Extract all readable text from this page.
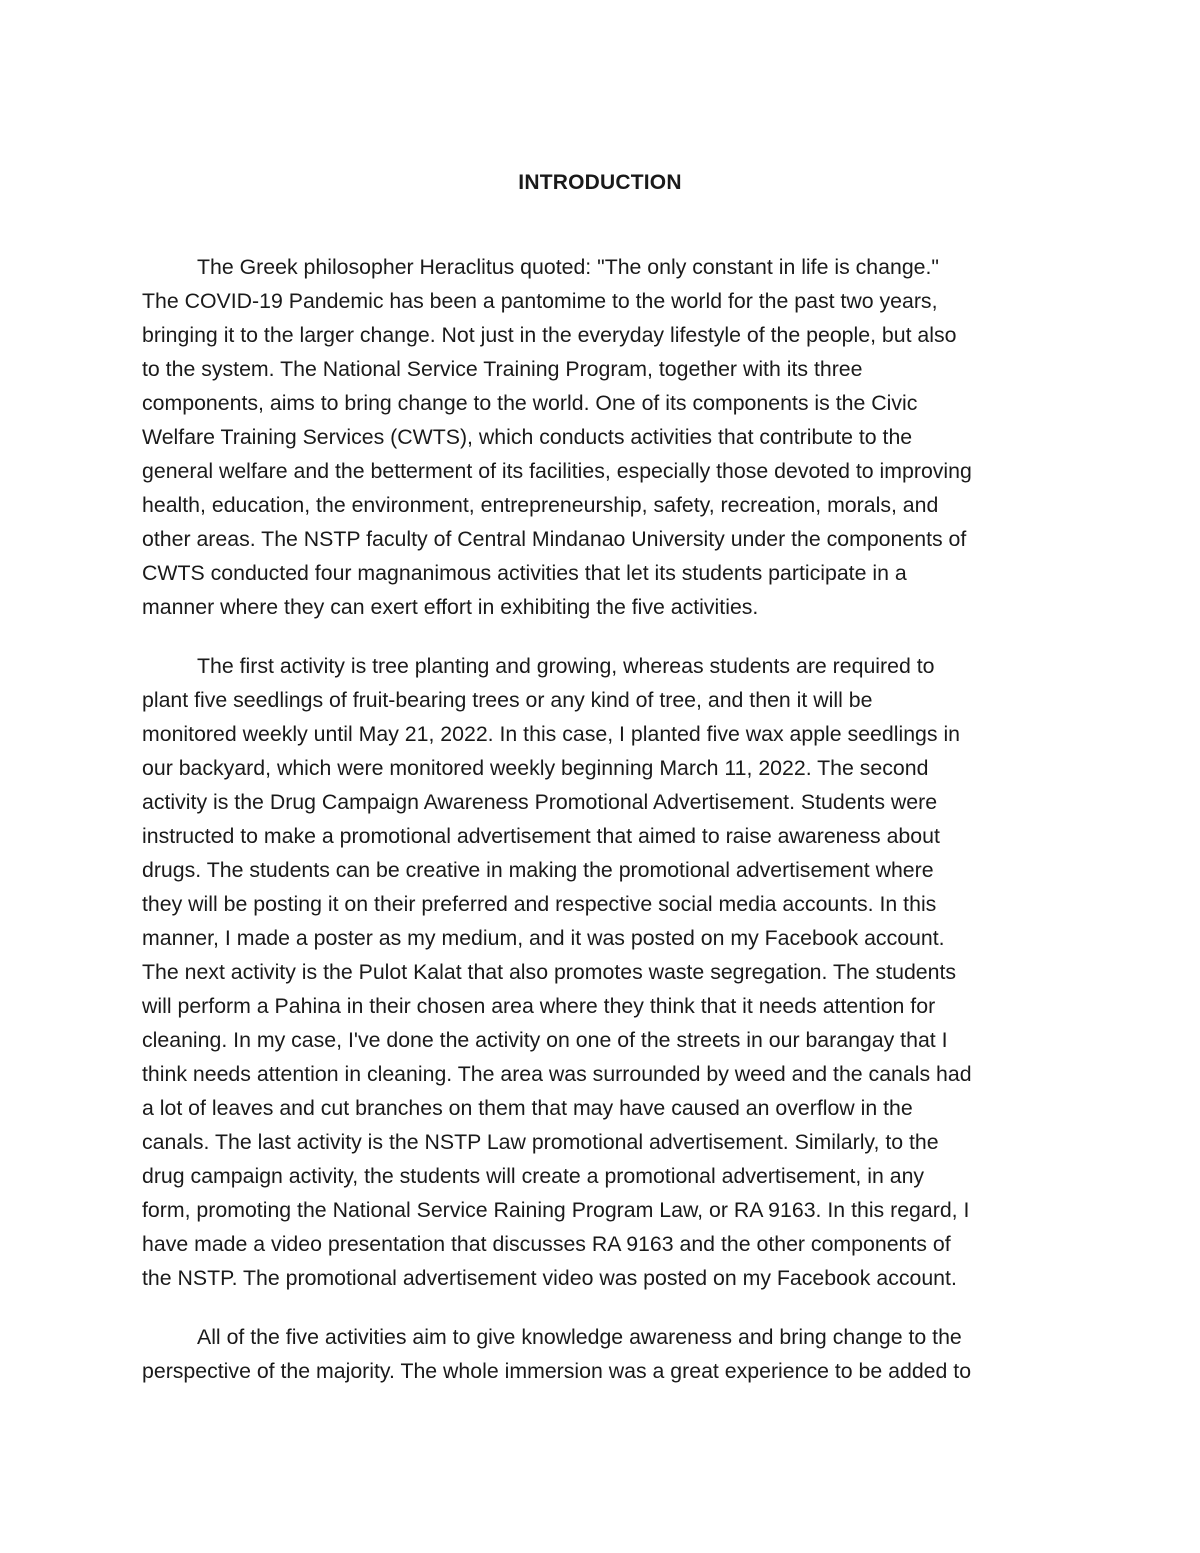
INTRODUCTION
The Greek philosopher Heraclitus quoted: "The only constant in life is change."
The COVID-19 Pandemic has been a pantomime to the world for the past two years,
bringing it to the larger change. Not just in the everyday lifestyle of the people, but also
to the system. The National Service Training Program, together with its three
components, aims to bring change to the world. One of its components is the Civic
Welfare Training Services (CWTS), which conducts activities that contribute to the
general welfare and the betterment of its facilities, especially those devoted to improving
health, education, the environment, entrepreneurship, safety, recreation, morals, and
other areas. The NSTP faculty of Central Mindanao University under the components of
CWTS conducted four magnanimous activities that let its students participate in a
manner where they can exert effort in exhibiting the five activities.
The first activity is tree planting and growing, whereas students are required to
plant five seedlings of fruit-bearing trees or any kind of tree, and then it will be
monitored weekly until May 21, 2022. In this case, I planted five wax apple seedlings in
our backyard, which were monitored weekly beginning March 11, 2022. The second
activity is the Drug Campaign Awareness Promotional Advertisement. Students were
instructed to make a promotional advertisement that aimed to raise awareness about
drugs. The students can be creative in making the promotional advertisement where
they will be posting it on their preferred and respective social media accounts. In this
manner, I made a poster as my medium, and it was posted on my Facebook account.
The next activity is the Pulot Kalat that also promotes waste segregation. The students
will perform a Pahina in their chosen area where they think that it needs attention for
cleaning. In my case, I've done the activity on one of the streets in our barangay that I
think needs attention in cleaning. The area was surrounded by weed and the canals had
a lot of leaves and cut branches on them that may have caused an overflow in the
canals. The last activity is the NSTP Law promotional advertisement. Similarly, to the
drug campaign activity, the students will create a promotional advertisement, in any
form, promoting the National Service Raining Program Law, or RA 9163. In this regard, I
have made a video presentation that discusses RA 9163 and the other components of
the NSTP. The promotional advertisement video was posted on my Facebook account.
All of the five activities aim to give knowledge awareness and bring change to the
perspective of the majority. The whole immersion was a great experience to be added to
